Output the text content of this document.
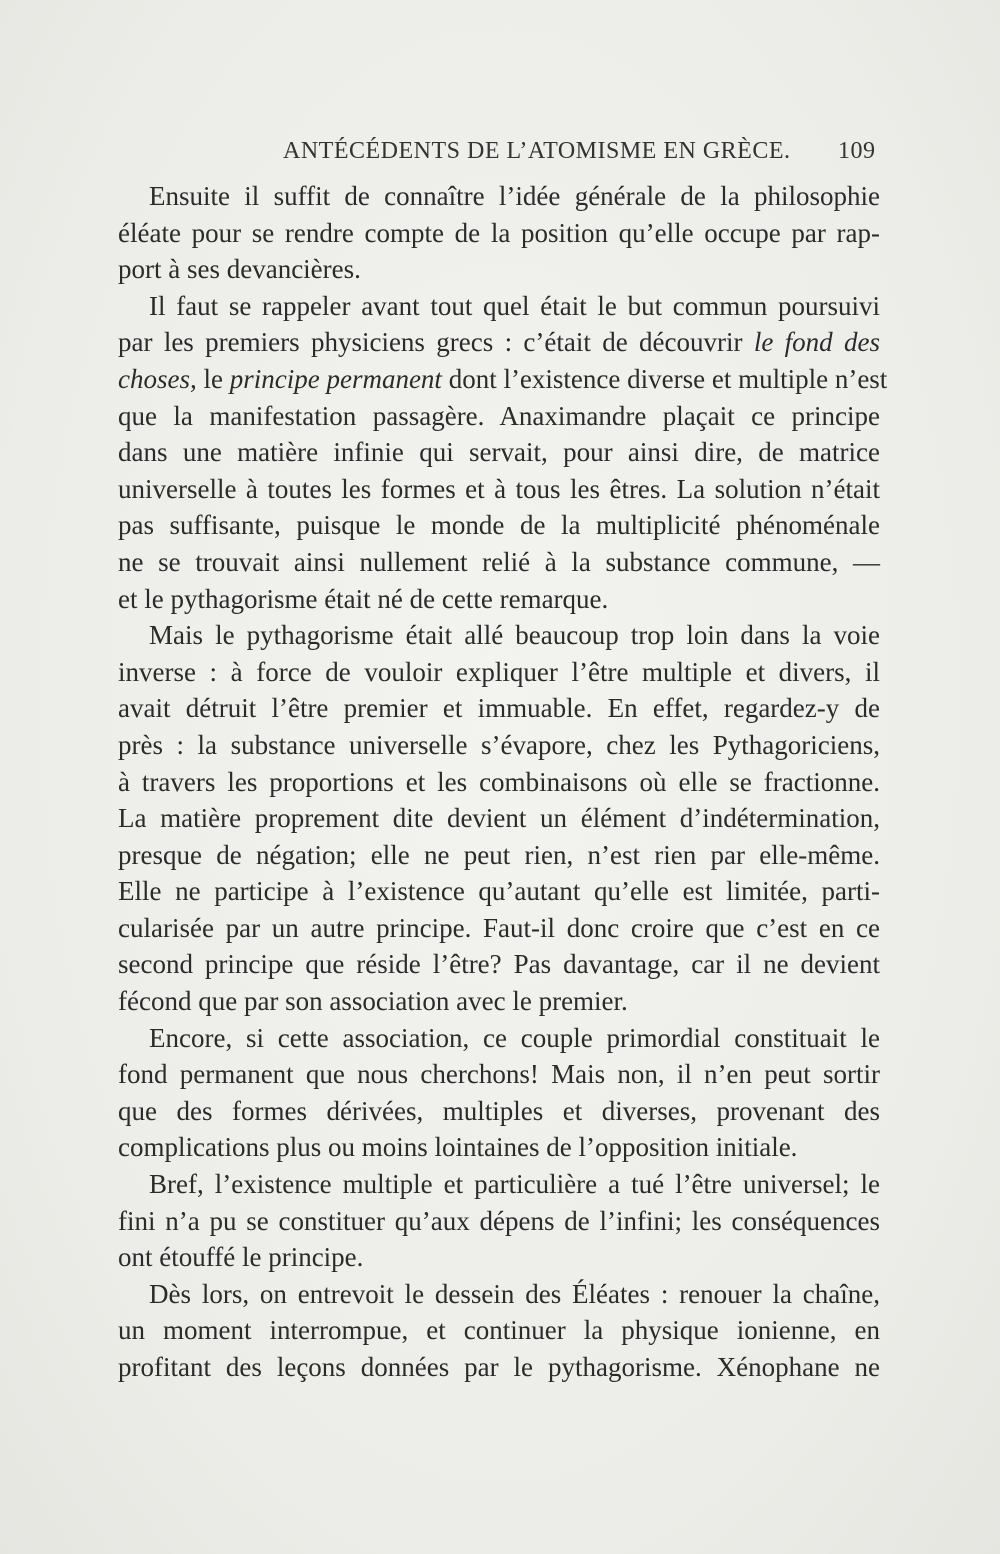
ANTÉCÉDENTS DE L’ATOMISME EN GRÈCE. 109

Ensuite il suffit de connaître l’idée générale de la philosophie
éléate pour se rendre compte de la position qu’elle occupe par rap-
port à ses devancières.

Il faut se rappeler avant tout quel était le but commun poursuivi
par les premiers physiciens grecs : c’était de découvrir le fond des
choses, le principe permanent dont l’existence diverse et multiple n’est
que la manifestation passagère. Anaximandre plaçait ce principe
dans une matière infinie qui servait, pour ainsi dire, de matrice
universelle à toutes les formes et à tous les êtres. La solution n’était
pas suffisante, puisque le monde de la multiplicité phénoménale
ne se trouvait ainsi nullement relié à la substance commune, —
et le pythagorisme était né de cette remarque.

Mais le pythagorisme était allé beaucoup trop loin dans la voie
inverse : à force de vouloir expliquer l’être multiple et divers, il
avait détruit l’être premier et immuable. En effet, regardez-y de
près : la substance universelle s’évapore, chez les Pythagoriciens,
à travers les proportions et les combinaisons où elle se fractionne.
La matière proprement dite devient un élément d’indétermination,
presque de négation; elle ne peut rien, n’est rien par elle-même.
Elle ne participe à l’existence qu’autant qu’elle est limitée, parti-
cularisée par un autre principe. Faut-il donc croire que c’est en ce
second principe que réside l’être? Pas davantage, car il ne devient
fécond que par son association avec le premier.

Encore, si cette association, ce couple primordial constituait le
fond permanent que nous cherchons! Mais non, il n’en peut sortir
que des formes dérivées, multiples et diverses, provenant des
complications plus ou moins lointaines de l’opposition initiale.

Bref, l’existence multiple et particulière a tué l’être universel; le
fini n’a pu se constituer qu’aux dépens de l’infini; les conséquences
ont étouffé le principe.

Dès lors, on entrevoit le dessein des Éléates : renouer la chaîne,
un moment interrompue, et continuer la physique ionienne, en
profitant des leçons données par le pythagorisme. Xénophane ne
